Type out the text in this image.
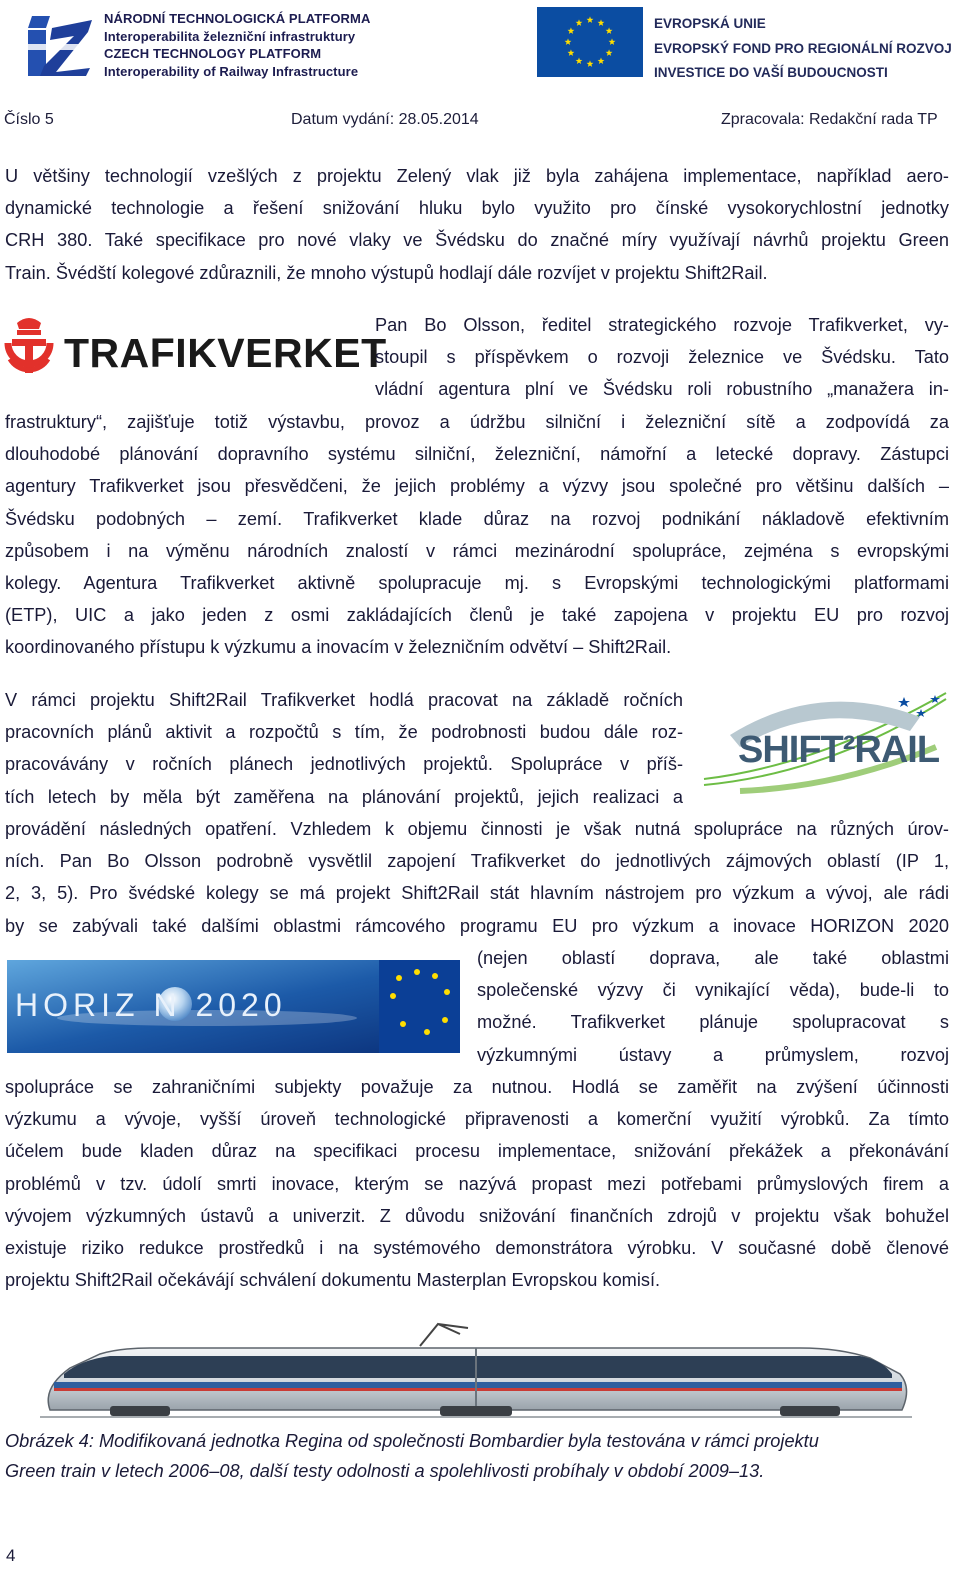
NÁRODNÍ TECHNOLOGICKÁ PLATFORMA
Interoperabilita železniční infrastruktury
CZECH TECHNOLOGY PLATFORM
Interoperability of Railway Infrastructure
EVROPSKÁ UNIE
EVROPSKÝ FOND PRO REGIONÁLNÍ ROZVOJ
INVESTICE DO VAŠÍ BUDOUCNOSTI
Číslo 5	Datum vydání: 28.05.2014	Zpracovala: Redakční rada TP
U většiny technologií vzešlých z projektu Zelený vlak již byla zahájena implementace, například aero-
dynamické technologie a řešení snižování hluku bylo využito pro čínské vysokorychlostní jednotky
CRH 380. Také specifikace pro nové vlaky ve Švédsku do značné míry využívají návrhů projektu Green
Train. Švédští kolegové zdůraznili, že mnoho výstupů hodlají dále rozvíjet v projektu Shift2Rail.
TRAFIKVERKET
Pan Bo Olsson, ředitel strategického rozvoje Trafikverket, vy-
stoupil s příspěvkem o rozvoji železnice ve Švédsku. Tato
vládní agentura plní ve Švédsku roli robustního „manažera in-
frastruktury“, zajišťuje totiž výstavbu, provoz a údržbu silniční i železniční sítě a zodpovídá za
dlouhodobé plánování dopravního systému silniční, železniční, námořní a letecké dopravy. Zástupci
agentury Trafikverket jsou přesvědčeni, že jejich problémy a výzvy jsou společné pro většinu dalších –
Švédsku podobných – zemí. Trafikverket klade důraz na rozvoj podnikání nákladově efektivním
způsobem i na výměnu národních znalostí v rámci mezinárodní spolupráce, zejména s evropskými
kolegy. Agentura Trafikverket aktivně spolupracuje mj. s Evropskými technologickými platformami
(ETP), UIC a jako jeden z osmi zakládajících členů je také zapojena v projektu EU pro rozvoj
koordinovaného přístupu k výzkumu a inovacím v železničním odvětví – Shift2Rail.
V rámci projektu Shift2Rail Trafikverket hodlá pracovat na základě ročních
pracovních plánů aktivit a rozpočtů s tím, že podrobnosti budou dále roz-
pracovávány v ročních plánech jednotlivých projektů. Spolupráce v příš-
tích letech by měla být zaměřena na plánování projektů, jejich realizaci a
SHIFT²RAIL
provádění následných opatření. Vzhledem k objemu činnosti je však nutná spolupráce na různých úrov-
ních. Pan Bo Olsson podrobně vysvětlil zapojení Trafikverket do jednotlivých zájmových oblastí (IP 1,
2, 3, 5). Pro švédské kolegy se má projekt Shift2Rail stát hlavním nástrojem pro výzkum a vývoj, ale rádi
by se zabývali také dalšími oblastmi rámcového programu EU pro výzkum a inovace HORIZON 2020
HORIZ N 2020
(nejen oblastí doprava, ale také oblastmi
společenské výzvy či vynikající věda), bude-li to
možné. Trafikverket plánuje spolupracovat s
výzkumnými ústavy a průmyslem, rozvoj
spolupráce se zahraničními subjekty považuje za nutnou. Hodlá se zaměřit na zvýšení účinnosti
výzkumu a vývoje, vyšší úroveň technologické připravenosti a komerční využití výrobků. Za tímto
účelem bude kladen důraz na specifikaci procesu implementace, snižování překážek a překonávání
problémů v tzv. údolí smrti inovace, kterým se nazývá propast mezi potřebami průmyslových firem a
vývojem výzkumných ústavů a univerzit. Z důvodu snižování finančních zdrojů v projektu však bohužel
existuje riziko redukce prostředků i na systémového demonstrátora výrobku. V současné době členové
projektu Shift2Rail očekávájí schválení dokumentu Masterplan Evropskou komisí.
Obrázek 4: Modifikovaná jednotka Regina od společnosti Bombardier byla testována v rámci projektu
Green train v letech 2006–08, další testy odolnosti a spolehlivosti probíhaly v období 2009–13.
4
